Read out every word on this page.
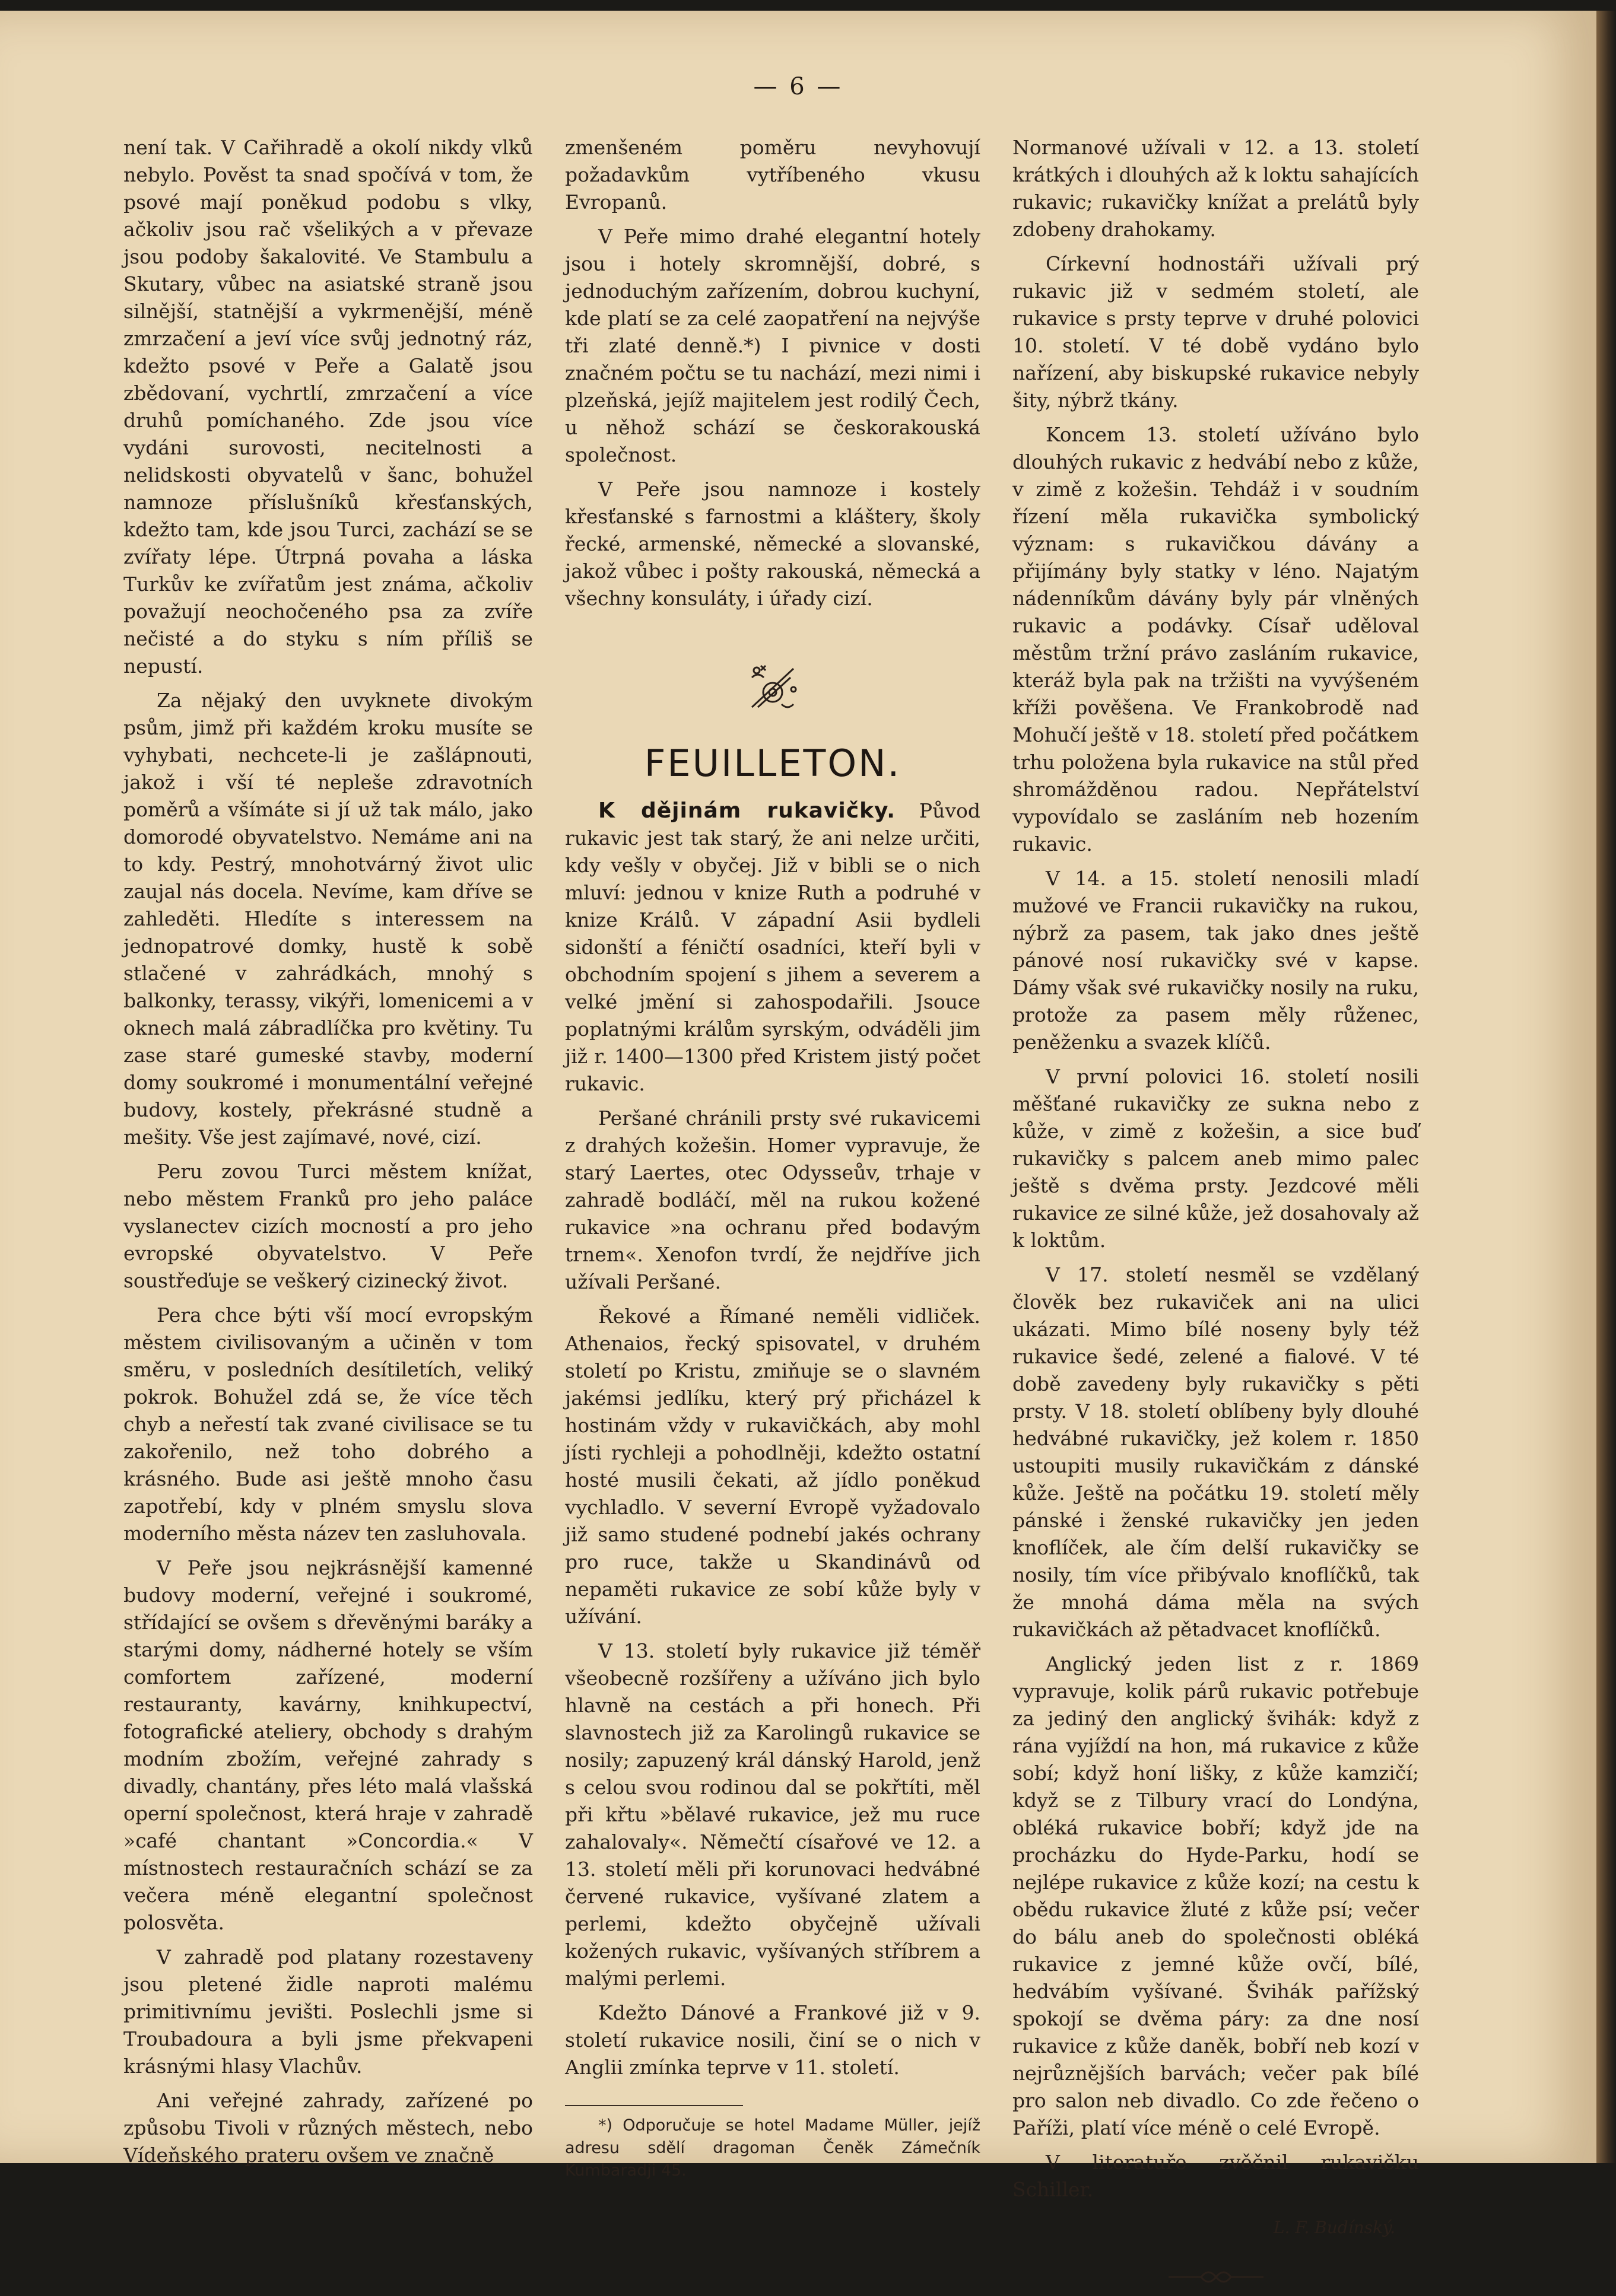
— 6 —

není tak. V Cařihradě a okolí nikdy vlků nebylo. Pověst ta snad spočívá v tom, že psové mají poněkud podobu s vlky, ačkoliv jsou rač všelikých a v převaze jsou podoby šakalovité. Ve Stambulu a Skutary, vůbec na asiatské straně jsou silnější, statnější a vykrmenější, méně zmrzačení a jeví více svůj jednotný ráz, kdežto psové v Peře a Galatě jsou zbědovaní, vychrtlí, zmrzačení a více druhů pomíchaného. Zde jsou více vydáni surovosti, necitelnosti a nelidskosti obyvatelů v šanc, bohužel namnoze příslušníků křesťanských, kdežto tam, kde jsou Turci, zachází se se zvířaty lépe. Útrpná povaha a láska Turkův ke zvířatům jest známa, ačkoliv považují neochočeného psa za zvíře nečisté a do styku s ním příliš se nepustí.

Za nějaký den uvyknete divokým psům, jimž při každém kroku musíte se vyhybati, nechcete-li je zašlápnouti, jakož i vší té nepleše zdravotních poměrů a všímáte si jí už tak málo, jako domorodé obyvatelstvo. Nemáme ani na to kdy. Pestrý, mnohotvárný život ulic zaujal nás docela. Nevíme, kam dříve se zahleděti. Hledíte s interessem na jednopatrové domky, hustě k sobě stlačené v zahrádkách, mnohý s balkonky, terassy, vikýři, lomenicemi a v oknech malá zábradlíčka pro květiny. Tu zase staré gumeské stavby, moderní domy soukromé i monumentální veřejné budovy, kostely, překrásné studně a mešity. Vše jest zajímavé, nové, cizí.

Peru zovou Turci městem knížat, nebo městem Franků pro jeho paláce vyslanectev cizích mocností a pro jeho evropské obyvatelstvo. V Peře soustřeďuje se veškerý cizinecký život.

Pera chce býti vší mocí evropským městem civilisovaným a učiněn v tom směru, v posledních desítiletích, veliký pokrok. Bohužel zdá se, že více těch chyb a neřestí tak zvané civilisace se tu zakořenilo, než toho dobrého a krásného. Bude asi ještě mnoho času zapotřebí, kdy v plném smyslu slova moderního města název ten zasluhovala.

V Peře jsou nejkrásnější kamenné budovy moderní, veřejné i soukromé, střídající se ovšem s dřevěnými baráky a starými domy, nádherné hotely se vším comfortem zařízené, moderní restauranty, kavárny, knihkupectví, fotografické ateliery, obchody s drahým modním zbožím, veřejné zahrady s divadly, chantány, přes léto malá vlašská operní společnost, která hraje v zahradě »café chantant »Concordia.« V místnostech restauračních schází se za večera méně elegantní společnost polosvěta.

V zahradě pod platany rozestaveny jsou pletené židle naproti malému primitivnímu jevišti. Poslechli jsme si Troubadoura a byli jsme překvapeni krásnými hlasy Vlachův.

Ani veřejné zahrady, zařízené po způsobu Tivoli v různých městech, nebo Vídeňského prateru ovšem ve značně

zmenšeném poměru nevyhovují požadavkům vytříbeného vkusu Evropanů.

V Peře mimo drahé elegantní hotely jsou i hotely skromnější, dobré, s jednoduchým zařízením, dobrou kuchyní, kde platí se za celé zaopatření na nejvýše tři zlaté denně.*) I pivnice v dosti značném počtu se tu nachází, mezi nimi i plzeňská, jejíž majitelem jest rodilý Čech, u něhož schází se českorakouská společnost.

V Peře jsou namnoze i kostely křesťanské s farnostmi a kláštery, školy řecké, armenské, německé a slovanské, jakož vůbec i pošty rakouská, německá a všechny konsuláty, i úřady cizí.

FEUILLETON.

K dějinám rukavičky. Původ rukavic jest tak starý, že ani nelze určiti, kdy vešly v obyčej. Již v bibli se o nich mluví: jednou v knize Ruth a podruhé v knize Králů. V západní Asii bydleli sidonští a féničtí osadníci, kteří byli v obchodním spojení s jihem a severem a velké jmění si zahospodařili. Jsouce poplatnými králům syrským, odváděli jim již r. 1400—1300 před Kristem jistý počet rukavic.

Peršané chránili prsty své rukavicemi z drahých kožešin. Homer vypravuje, že starý Laertes, otec Odysseův, trhaje v zahradě bodláčí, měl na rukou kožené rukavice »na ochranu před bodavým trnem«. Xenofon tvrdí, že nejdříve jich užívali Peršané.

Řekové a Římané neměli vidliček. Athenaios, řecký spisovatel, v druhém století po Kristu, zmiňuje se o slavném jakémsi jedlíku, který prý přicházel k hostinám vždy v rukavičkách, aby mohl jísti rychleji a pohodlněji, kdežto ostatní hosté musili čekati, až jídlo poněkud vychladlo. V severní Evropě vyžadovalo již samo studené podnebí jakés ochrany pro ruce, takže u Skandinávů od nepaměti rukavice ze sobí kůže byly v užívání.

V 13. století byly rukavice již téměř všeobecně rozšířeny a užíváno jich bylo hlavně na cestách a při honech. Při slavnostech již za Karolingů rukavice se nosily; zapuzený král dánský Harold, jenž s celou svou rodinou dal se pokřtíti, měl při křtu »bělavé rukavice, jež mu ruce zahalovaly«. Němečtí císařové ve 12. a 13. století měli při korunovaci hedvábné červené rukavice, vyšívané zlatem a perlemi, kdežto obyčejně užívali kožených rukavic, vyšívaných stříbrem a malými perlemi.

Kdežto Dánové a Frankové již v 9. století rukavice nosili, činí se o nich v Anglii zmínka teprve v 11. století.

*) Odporučuje se hotel Madame Müller, jejíž adresu sdělí dragoman Čeněk Zámečník Kumbaradji 45.

Normanové užívali v 12. a 13. století krátkých i dlouhých až k loktu sahajících rukavic; rukavičky knížat a prelátů byly zdobeny drahokamy.

Církevní hodnostáři užívali prý rukavic již v sedmém století, ale rukavice s prsty teprve v druhé polovici 10. století. V té době vydáno bylo nařízení, aby biskupské rukavice nebyly šity, nýbrž tkány.

Koncem 13. století užíváno bylo dlouhých rukavic z hedvábí nebo z kůže, v zimě z kožešin. Tehdáž i v soudním řízení měla rukavička symbolický význam: s rukavičkou dávány a přijímány byly statky v léno. Najatým nádenníkům dávány byly pár vlněných rukavic a podávky. Císař uděloval městům tržní právo zasláním rukavice, kteráž byla pak na tržišti na vyvýšeném kříži pověšena. Ve Frankobrodě nad Mohučí ještě v 18. století před počátkem trhu položena byla rukavice na stůl před shromážděnou radou. Nepřátelství vypovídalo se zasláním neb hozením rukavic.

V 14. a 15. století nenosili mladí mužové ve Francii rukavičky na rukou, nýbrž za pasem, tak jako dnes ještě pánové nosí rukavičky své v kapse. Dámy však své rukavičky nosily na ruku, protože za pasem měly růženec, peněženku a svazek klíčů.

V první polovici 16. století nosili měšťané rukavičky ze sukna nebo z kůže, v zimě z kožešin, a sice buď rukavičky s palcem aneb mimo palec ještě s dvěma prsty. Jezdcové měli rukavice ze silné kůže, jež dosahovaly až k loktům.

V 17. století nesměl se vzdělaný člověk bez rukaviček ani na ulici ukázati. Mimo bílé noseny byly též rukavice šedé, zelené a fialové. V té době zavedeny byly rukavičky s pěti prsty. V 18. století oblíbeny byly dlouhé hedvábné rukavičky, jež kolem r. 1850 ustoupiti musily rukavičkám z dánské kůže. Ještě na počátku 19. století měly pánské i ženské rukavičky jen jeden knoflíček, ale čím delší rukavičky se nosily, tím více přibývalo knoflíčků, tak že mnohá dáma měla na svých rukavičkách až pětadvacet knoflíčků.

Anglický jeden list z r. 1869 vypravuje, kolik párů rukavic potřebuje za jediný den anglický švihák: když z rána vyjíždí na hon, má rukavice z kůže sobí; když honí lišky, z kůže kamzičí; když se z Tilbury vrací do Londýna, obléká rukavice bobří; když jde na procházku do Hyde-Parku, hodí se nejlépe rukavice z kůže kozí; na cestu k obědu rukavice žluté z kůže psí; večer do bálu aneb do společnosti obléká rukavice z jemné kůže ovčí, bílé, hedvábím vyšívané. Švihák pařížský spokojí se dvěma páry: za dne nosí rukavice z kůže daněk, bobří neb kozí v nejrůznějších barvách; večer pak bílé pro salon neb divadlo. Co zde řečeno o Paříži, platí více méně o celé Evropě.

V literatuře zvěčnil rukavičku Schiller.

L. F. Budínský.
